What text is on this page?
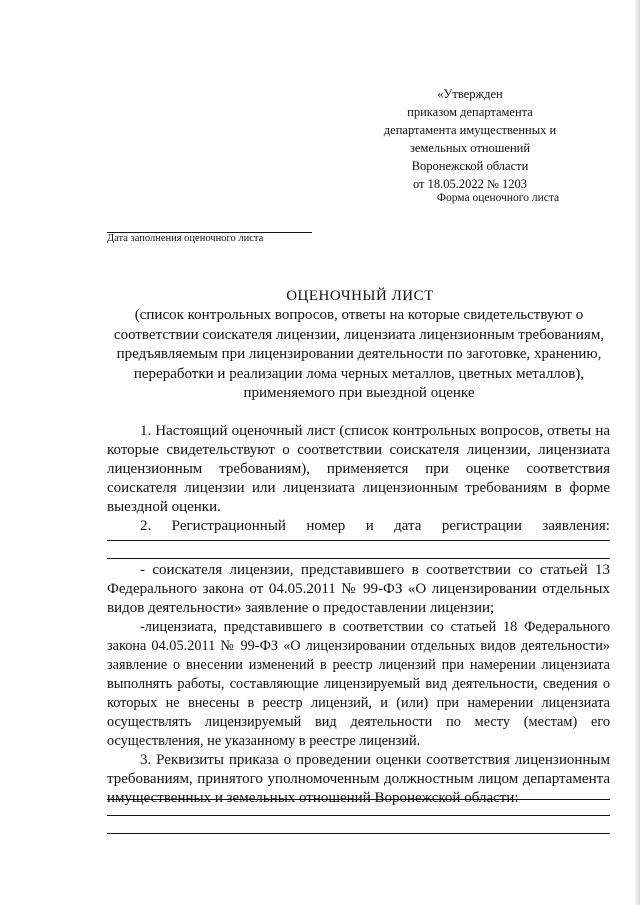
«Утвержден
приказом департамента
департамента имущественных и
земельных отношений
Воронежской области
от 18.05.2022 № 1203
Форма оценочного листа
Дата заполнения оценочного листа
ОЦЕНОЧНЫЙ ЛИСТ
(список контрольных вопросов, ответы на которые свидетельствуют о
соответствии соискателя лицензии, лицензиата лицензионным требованиям,
предъявляемым при лицензировании деятельности по заготовке, хранению,
переработки и реализации лома черных металлов, цветных металлов),
применяемого при выездной оценке

1. Настоящий оценочный лист (список контрольных вопросов, ответы на которые свидетельствуют о соответствии соискателя лицензии, лицензиата лицензионным требованиям), применяется при оценке соответствия соискателя лицензии или лицензиата лицензионным требованиям в форме выездной оценки.

2. Регистрационный номер и дата регистрации заявления:

- соискателя лицензии, представившего в соответствии со статьей 13 Федерального закона от 04.05.2011 № 99-ФЗ «О лицензировании отдельных видов деятельности» заявление о предоставлении лицензии;

-лицензиата, представившего в соответствии со статьей 18 Федерального закона 04.05.2011 № 99-ФЗ «О лицензировании отдельных видов деятельности» заявление о внесении изменений в реестр лицензий при намерении лицензиата выполнять работы, составляющие лицензируемый вид деятельности, сведения о которых не внесены в реестр лицензий, и (или) при намерении лицензиата осуществлять лицензируемый вид деятельности по месту (местам) его осуществления, не указанному в реестре лицензий.

3. Реквизиты приказа о проведении оценки соответствия лицензионным требованиям, принятого уполномоченным должностным лицом департамента имущественных и земельных отношений Воронежской области:
